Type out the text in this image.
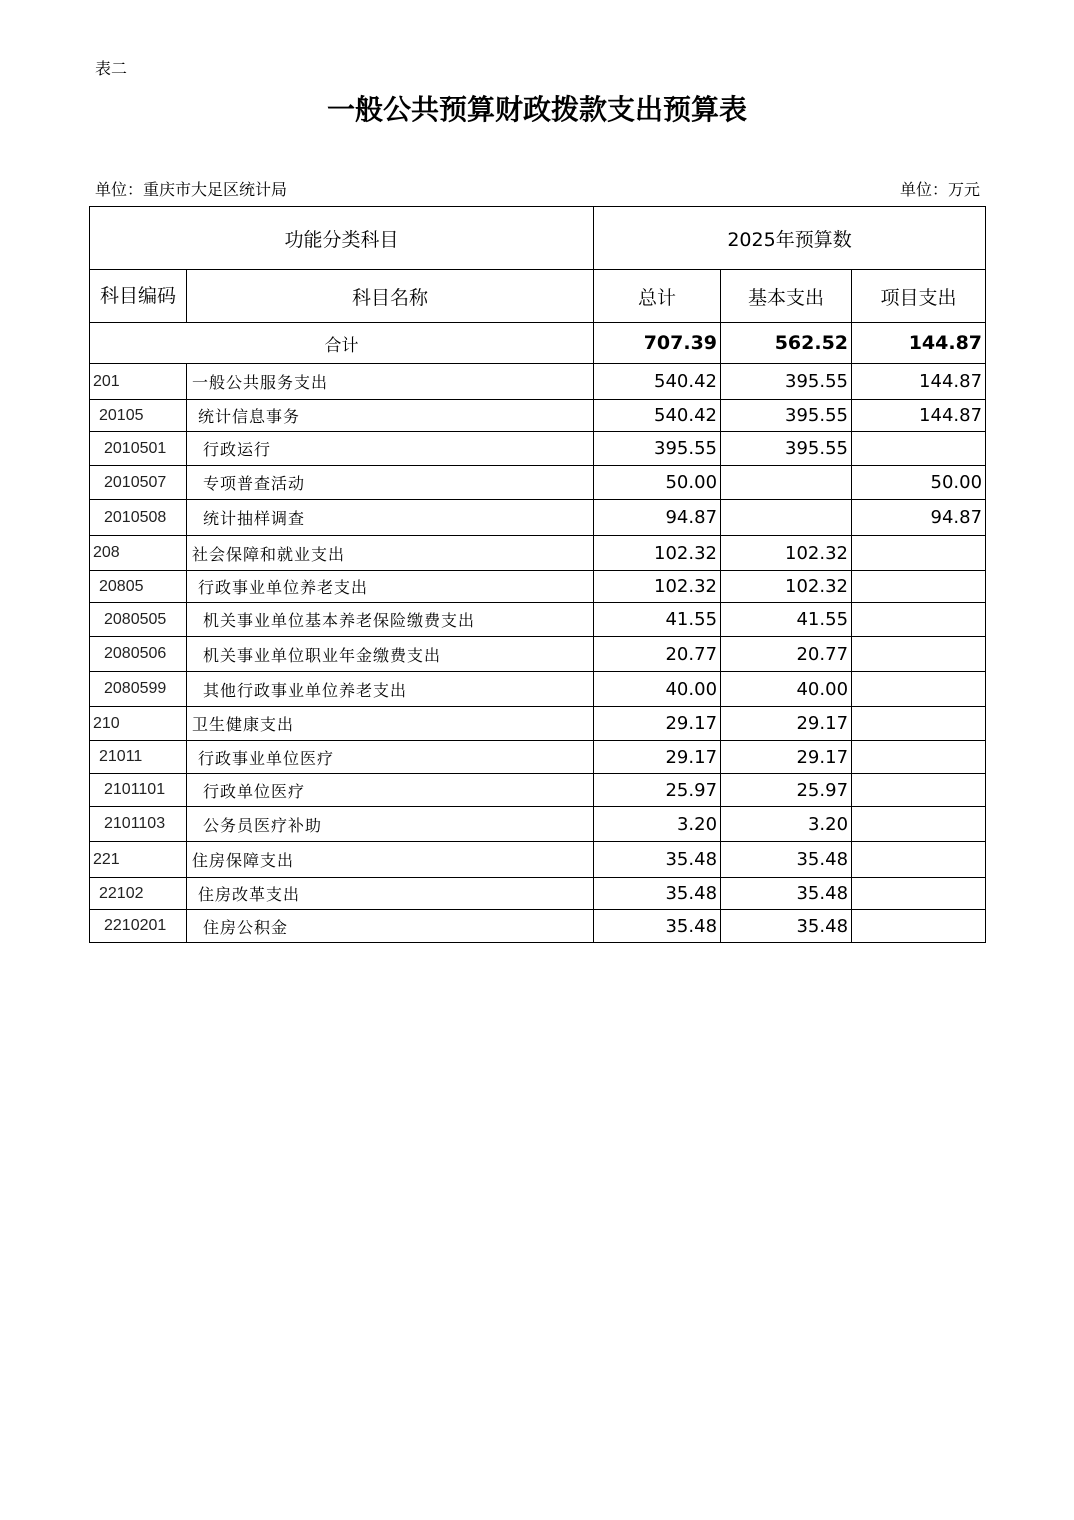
表二
一般公共预算财政拨款支出预算表
单位：重庆市大足区统计局	单位：万元
功能分类科目		2025年预算数		
科目编码	科目名称	总计	基本支出	项目支出
合计		707.39	562.52	144.87
201	一般公共服务支出	540.42	395.55	144.87
20105	统计信息事务	540.42	395.55	144.87
2010501	行政运行	395.55	395.55	
2010507	专项普查活动	50.00		50.00
2010508	统计抽样调查	94.87		94.87
208	社会保障和就业支出	102.32	102.32	
20805	行政事业单位养老支出	102.32	102.32	
2080505	机关事业单位基本养老保险缴费支出	41.55	41.55	
2080506	机关事业单位职业年金缴费支出	20.77	20.77	
2080599	其他行政事业单位养老支出	40.00	40.00	
210	卫生健康支出	29.17	29.17	
21011	行政事业单位医疗	29.17	29.17	
2101101	行政单位医疗	25.97	25.97	
2101103	公务员医疗补助	3.20	3.20	
221	住房保障支出	35.48	35.48	
22102	住房改革支出	35.48	35.48	
2210201	住房公积金	35.48	35.48	
